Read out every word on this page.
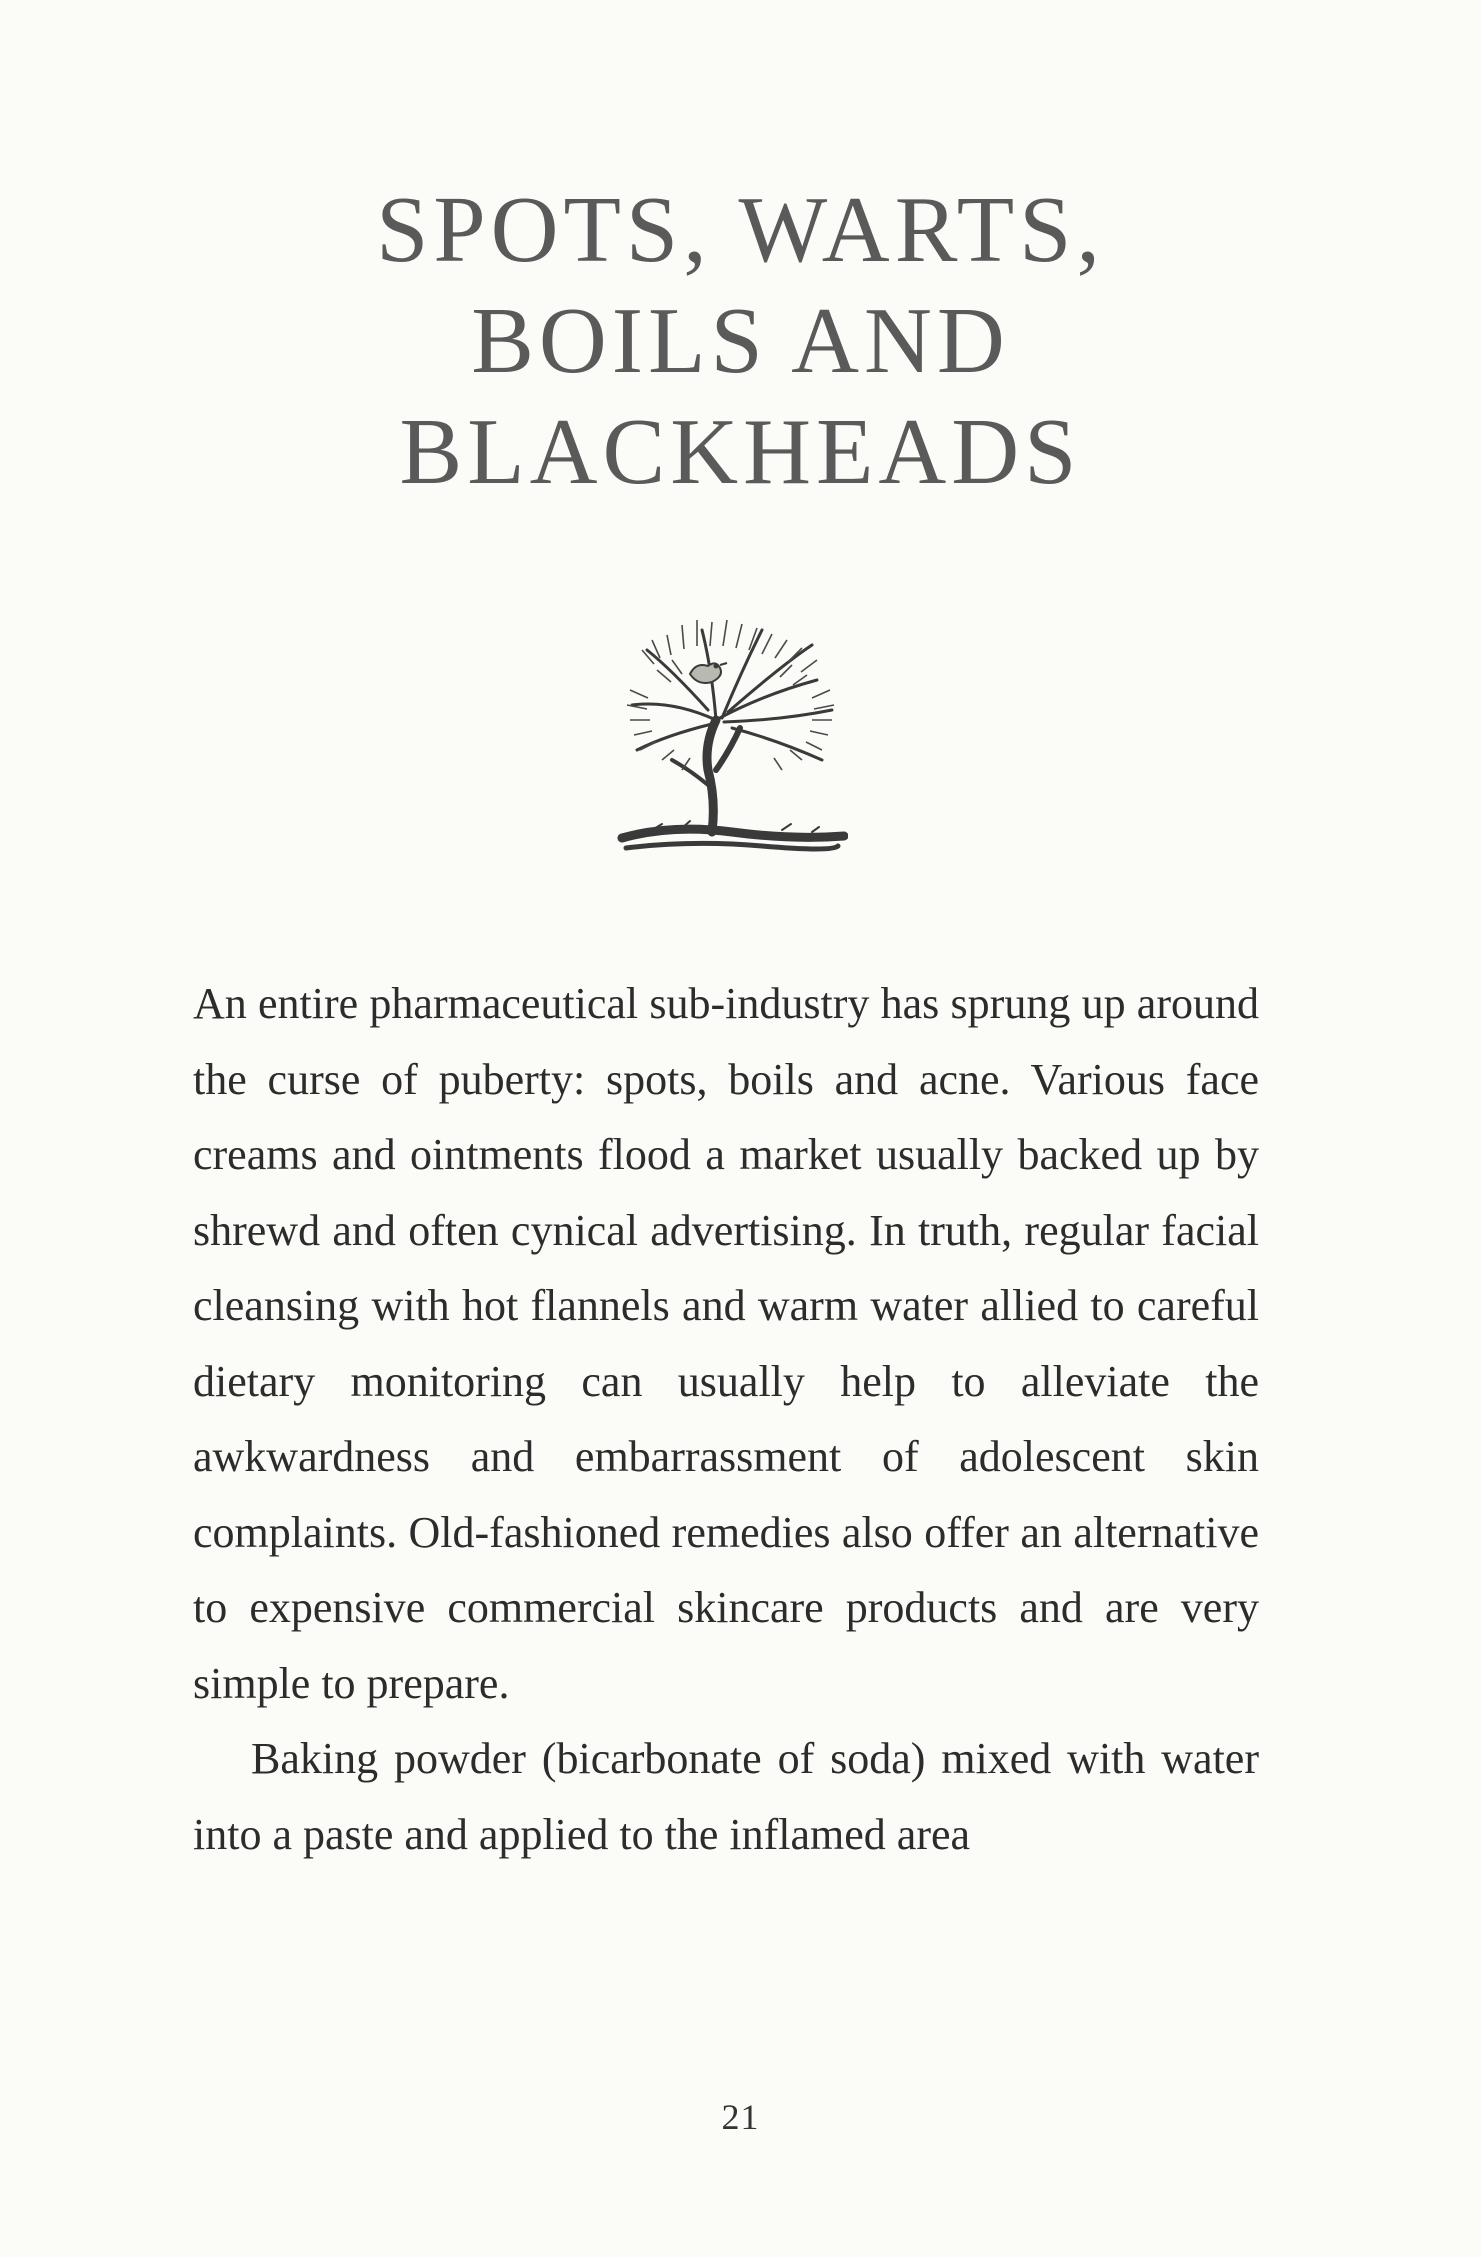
SPOTS, WARTS,
BOILS AND
BLACKHEADS

An entire pharmaceutical sub-industry has sprung up around the curse of puberty: spots, boils and acne. Various face creams and ointments flood a market usually backed up by shrewd and often cynical advertising. In truth, regular facial cleansing with hot flannels and warm water allied to careful dietary monitoring can usually help to alleviate the awkwardness and embarrassment of adolescent skin complaints. Old-fashioned remedies also offer an alternative to expensive commercial skincare products and are very simple to prepare.

Baking powder (bicarbonate of soda) mixed with water into a paste and applied to the inflamed area

21
